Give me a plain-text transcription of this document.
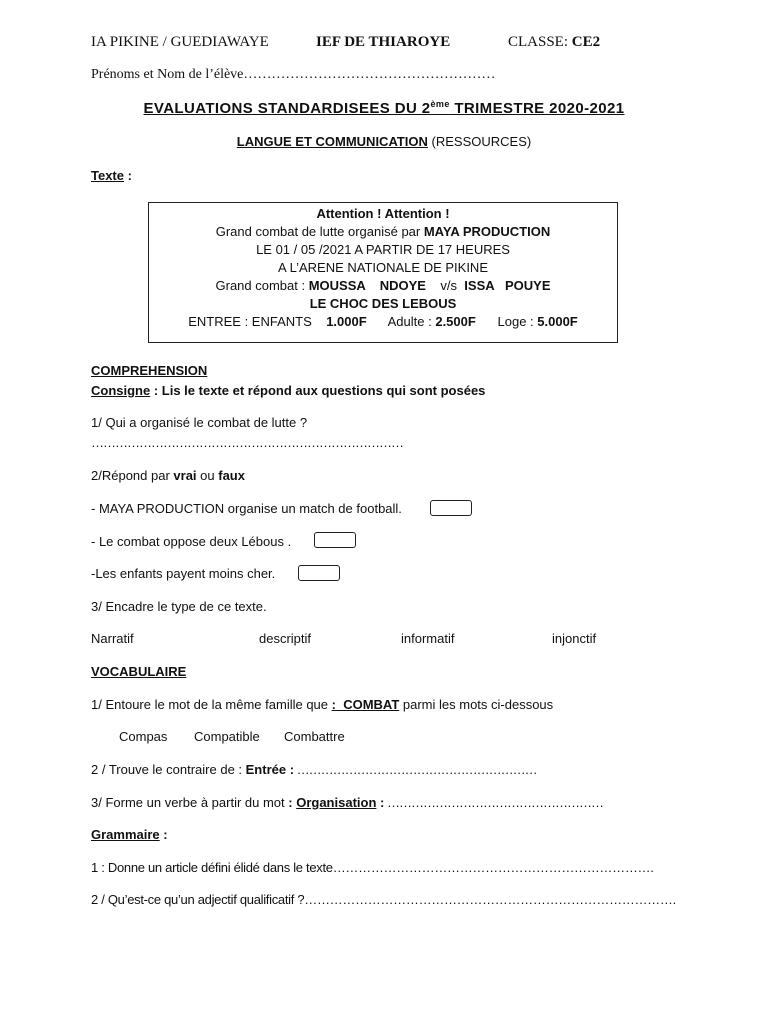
IA PIKINE / GUEDIAWAYE	IEF DE THIAROYE	CLASSE: CE2
Prénoms et Nom de l’élève………………………………………………
EVALUATIONS STANDARDISEES DU 2ème TRIMESTRE 2020-2021
LANGUE ET COMMUNICATION (RESSOURCES)
Texte :
Attention ! Attention !
Grand combat de lutte organisé par MAYA PRODUCTION
LE 01 / 05 /2021 A PARTIR DE 17 HEURES
A L’ARENE NATIONALE DE PIKINE
Grand combat : MOUSSA    NDOYE    v/s  ISSA   POUYE
LE CHOC DES LEBOUS
ENTREE : ENFANTS    1.000F      Adulte : 2.500F      Loge : 5.000F
COMPREHENSION
Consigne : Lis le texte et répond aux questions qui sont posées
1/ Qui a organisé le combat de lutte ?
……………………………………………………………………
2/Répond par vrai ou faux
- MAYA PRODUCTION organise un match de football.
- Le combat oppose deux Lébous .
-Les enfants payent moins cher.
3/ Encadre le type de ce texte.
Narratif	descriptif	informatif	injonctif
VOCABULAIRE
1/ Entoure le mot de la même famille que :  COMBAT parmi les mots ci-dessous
Compas Compatible Combattre
2 / Trouve le contraire de : Entrée : ……………………………………………………
3/ Forme un verbe à partir du mot : Organisation : ………………………………………………
Grammaire :
1 : Donne un article défini élidé dans le texte………………………………………………………………….
2 / Qu’est-ce qu’un adjectif qualificatif ?…………………………………………………………………………….
